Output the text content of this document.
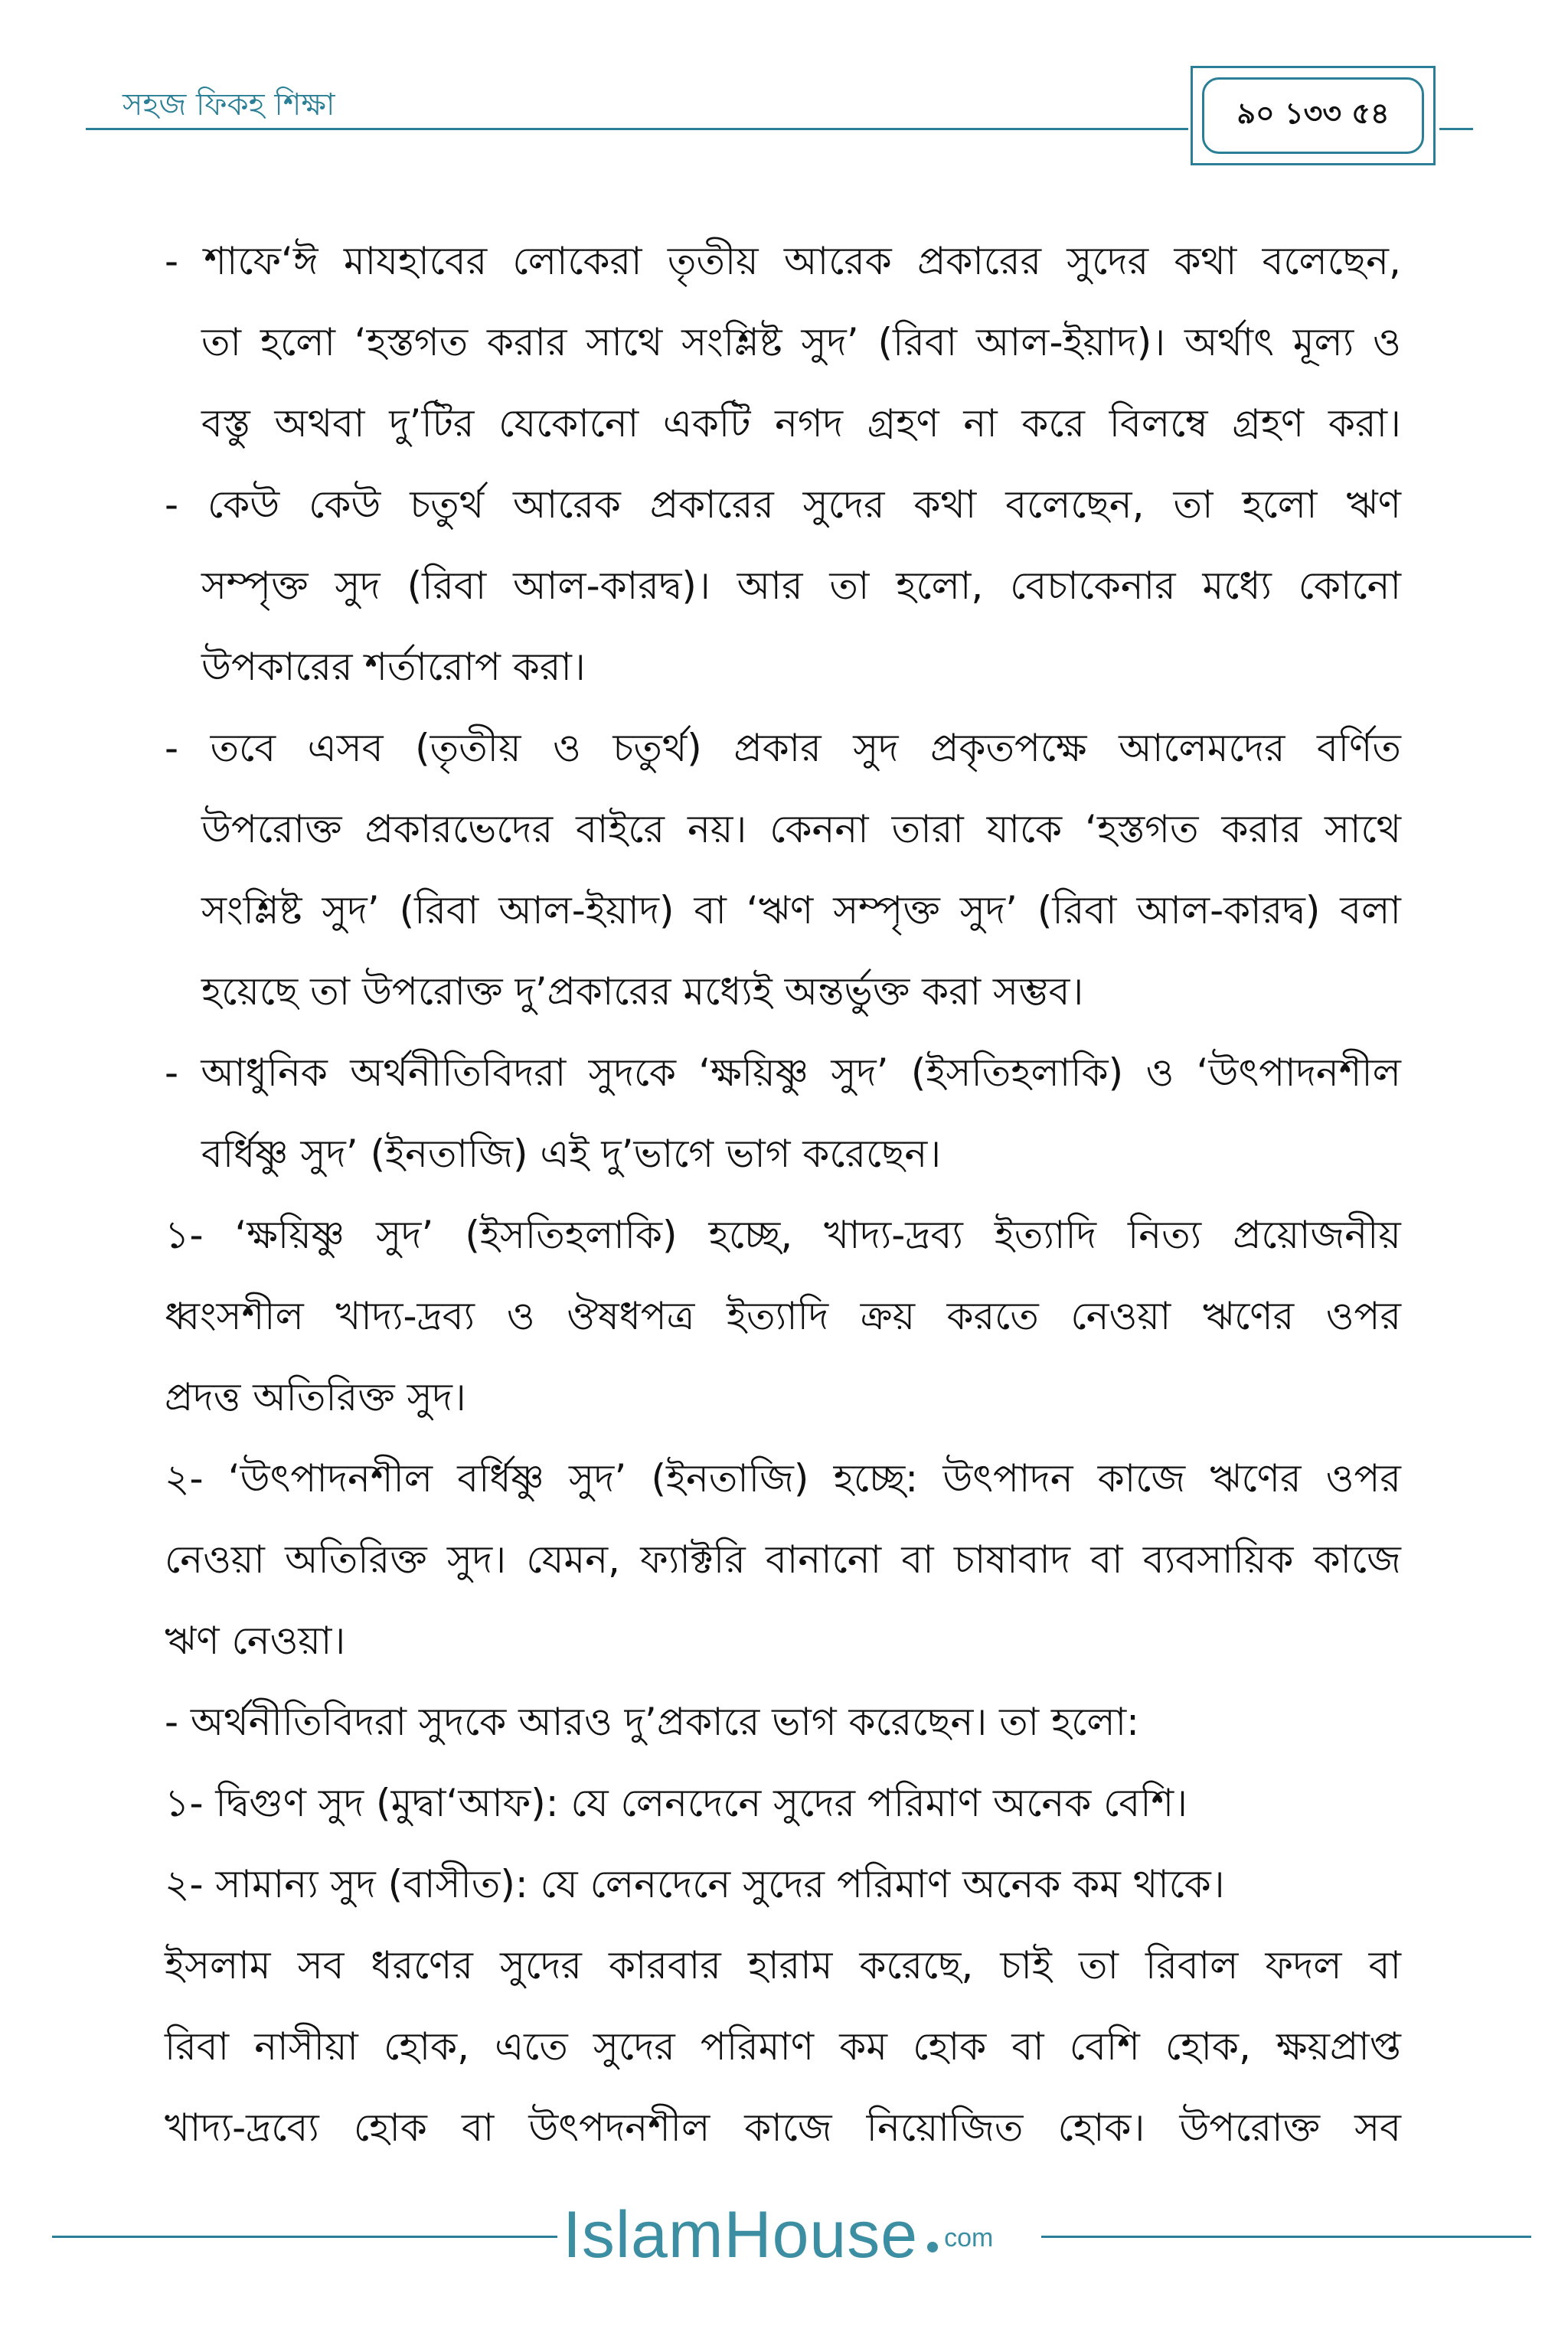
সহজ ফিকহ শিক্ষা	৯০ ১৩৩ ৫৪
- শাফে‘ঈ মাযহাবের লোকেরা তৃতীয় আরেক প্রকারের সুদের কথা বলেছেন,
তা হলো ‘হস্তগত করার সাথে সংশ্লিষ্ট সুদ’ (রিবা আল-ইয়াদ)। অর্থাৎ মূল্য ও
বস্তু অথবা দু’টির যেকোনো একটি নগদ গ্রহণ না করে বিলম্বে গ্রহণ করা।
- কেউ কেউ চতুর্থ আরেক প্রকারের সুদের কথা বলেছেন, তা হলো ঋণ
সম্পৃক্ত সুদ (রিবা আল-কারদ্ব)। আর তা হলো, বেচাকেনার মধ্যে কোনো
উপকারের শর্তারোপ করা।
- তবে এসব (তৃতীয় ও চতুর্থ) প্রকার সুদ প্রকৃতপক্ষে আলেমদের বর্ণিত
উপরোক্ত প্রকারভেদের বাইরে নয়। কেননা তারা যাকে ‘হস্তগত করার সাথে
সংশ্লিষ্ট সুদ’ (রিবা আল-ইয়াদ) বা ‘ঋণ সম্পৃক্ত সুদ’ (রিবা আল-কারদ্ব) বলা
হয়েছে তা উপরোক্ত দু’প্রকারের মধ্যেই অন্তর্ভুক্ত করা সম্ভব।
- আধুনিক অর্থনীতিবিদরা সুদকে ‘ক্ষয়িষ্ণু সুদ’ (ইসতিহলাকি) ও ‘উৎপাদনশীল
বর্ধিষ্ণু সুদ’ (ইনতাজি) এই দু’ভাগে ভাগ করেছেন।
১- ‘ক্ষয়িষ্ণু সুদ’ (ইসতিহলাকি) হচ্ছে, খাদ্য-দ্রব্য ইত্যাদি নিত্য প্রয়োজনীয়
ধ্বংসশীল খাদ্য-দ্রব্য ও ঔষধপত্র ইত্যাদি ক্রয় করতে নেওয়া ঋণের ওপর
প্রদত্ত অতিরিক্ত সুদ।
২- ‘উৎপাদনশীল বর্ধিষ্ণু সুদ’ (ইনতাজি) হচ্ছে: উৎপাদন কাজে ঋণের ওপর
নেওয়া অতিরিক্ত সুদ। যেমন, ফ্যাক্টরি বানানো বা চাষাবাদ বা ব্যবসায়িক কাজে
ঋণ নেওয়া।
- অর্থনীতিবিদরা সুদকে আরও দু’প্রকারে ভাগ করেছেন। তা হলো:
১- দ্বিগুণ সুদ (মুদ্বা‘আফ): যে লেনদেনে সুদের পরিমাণ অনেক বেশি।
২- সামান্য সুদ (বাসীত): যে লেনদেনে সুদের পরিমাণ অনেক কম থাকে।
ইসলাম সব ধরণের সুদের কারবার হারাম করেছে, চাই তা রিবাল ফদল বা
রিবা নাসীয়া হোক, এতে সুদের পরিমাণ কম হোক বা বেশি হোক, ক্ষয়প্রাপ্ত
খাদ্য-দ্রব্যে হোক বা উৎপদনশীল কাজে নিয়োজিত হোক। উপরোক্ত সব
IslamHouse com
